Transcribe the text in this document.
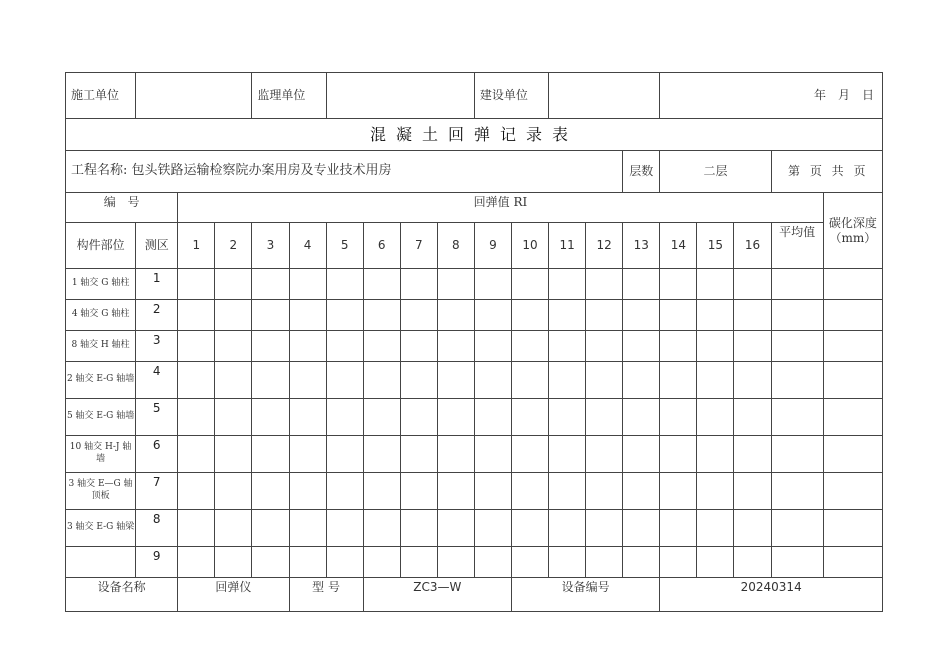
施工单位				监理单位						建设单位					年 月 日				
混凝土回弹记录表																			
工程名称: 包头铁路运输检察院办案用房及专业技术用房														层数	二层			第 页 共 页	
编 号		回弹值 RI																	碳化深度（mm）
构件部位	测区	1	2	3	4	5	6	7	8	9	10	11	12	13	14	15	16	平均值	
1 轴交 G 轴柱	1																		
4 轴交 G 轴柱	2																		
8 轴交 H 轴柱	3																		
2 轴交 E-G 轴墙	4																		
5 轴交 E-G 轴墙	5																		
10 轴交 H-J 轴墙	6																		
3 轴交 E—G 轴顶板	7																		
3 轴交 E-G 轴梁	8																		
	9																		
设备名称		回弹仪			型 号		ZC3—W				设备编号				20240314				
